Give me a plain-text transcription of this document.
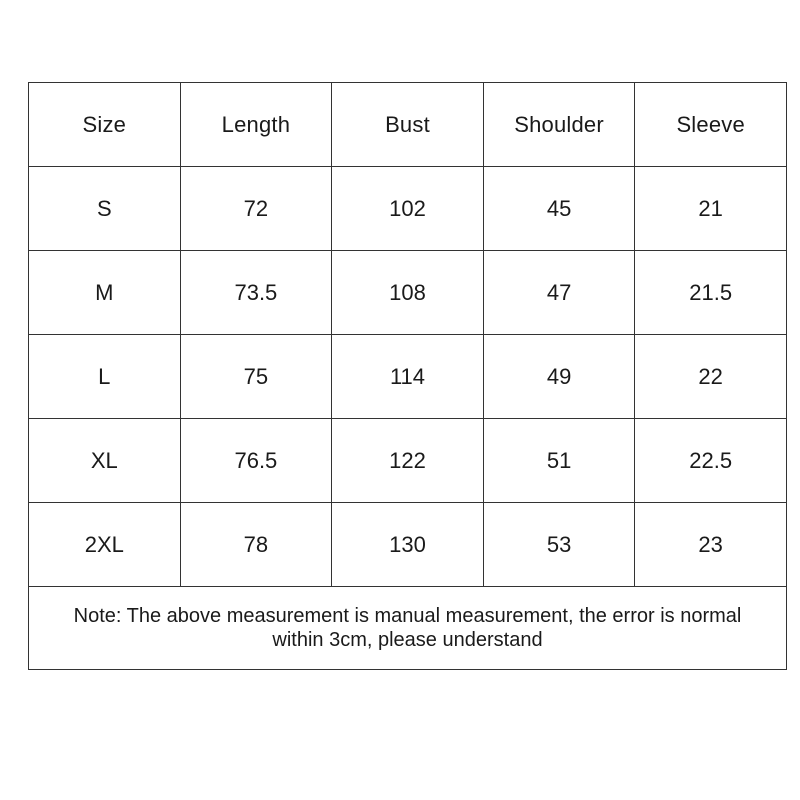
Size	Length	Bust	Shoulder	Sleeve
S	72	102	45	21
M	73.5	108	47	21.5
L	75	114	49	22
XL	76.5	122	51	22.5
2XL	78	130	53	23
Note: The above measurement is manual measurement, the error is normal within 3cm, please understand				
